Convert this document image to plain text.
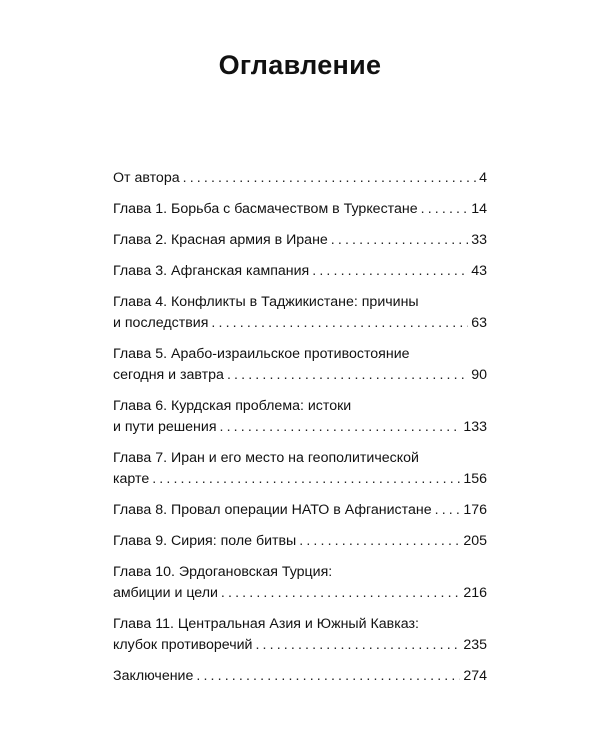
Оглавление
От автора . . .	4
Глава 1. Борьба с басмачеством в Туркестане . . .	14
Глава 2. Красная армия в Иране . . .	33
Глава 3. Афганская кампания . . .	43
Глава 4. Конфликты в Таджикистане: причины
и последствия . . .	63
Глава 5. Арабо-израильское противостояние
сегодня и завтра . . .	90
Глава 6. Курдская проблема: истоки
и пути решения . . .	133
Глава 7. Иран и его место на геополитической
карте . . .	156
Глава 8. Провал операции НАТО в Афганистане . . . 176
Глава 9. Сирия: поле битвы . . .	205
Глава 10. Эрдогановская Турция:
амбиции и цели . . .	216
Глава 11. Центральная Азия и Южный Кавказ:
клубок противоречий . . .	235
Заключение . . .	274
